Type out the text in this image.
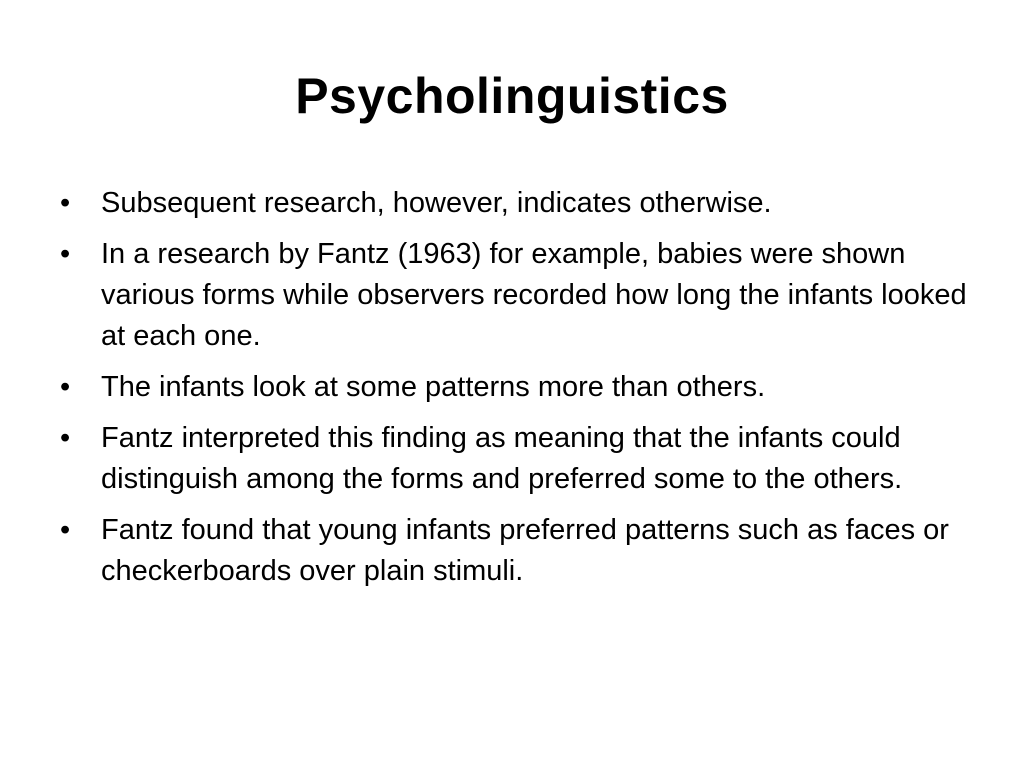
Psycholinguistics
•	Subsequent research, however, indicates otherwise.
•	In a research by Fantz (1963) for example, babies were shown various forms while observers recorded how long the infants looked at each one.
•	The infants look at some patterns more than others.
•	Fantz interpreted this finding as meaning that the infants could distinguish among the forms and preferred some to the others.
•	Fantz found that young infants preferred patterns such as faces or checkerboards over plain stimuli.
